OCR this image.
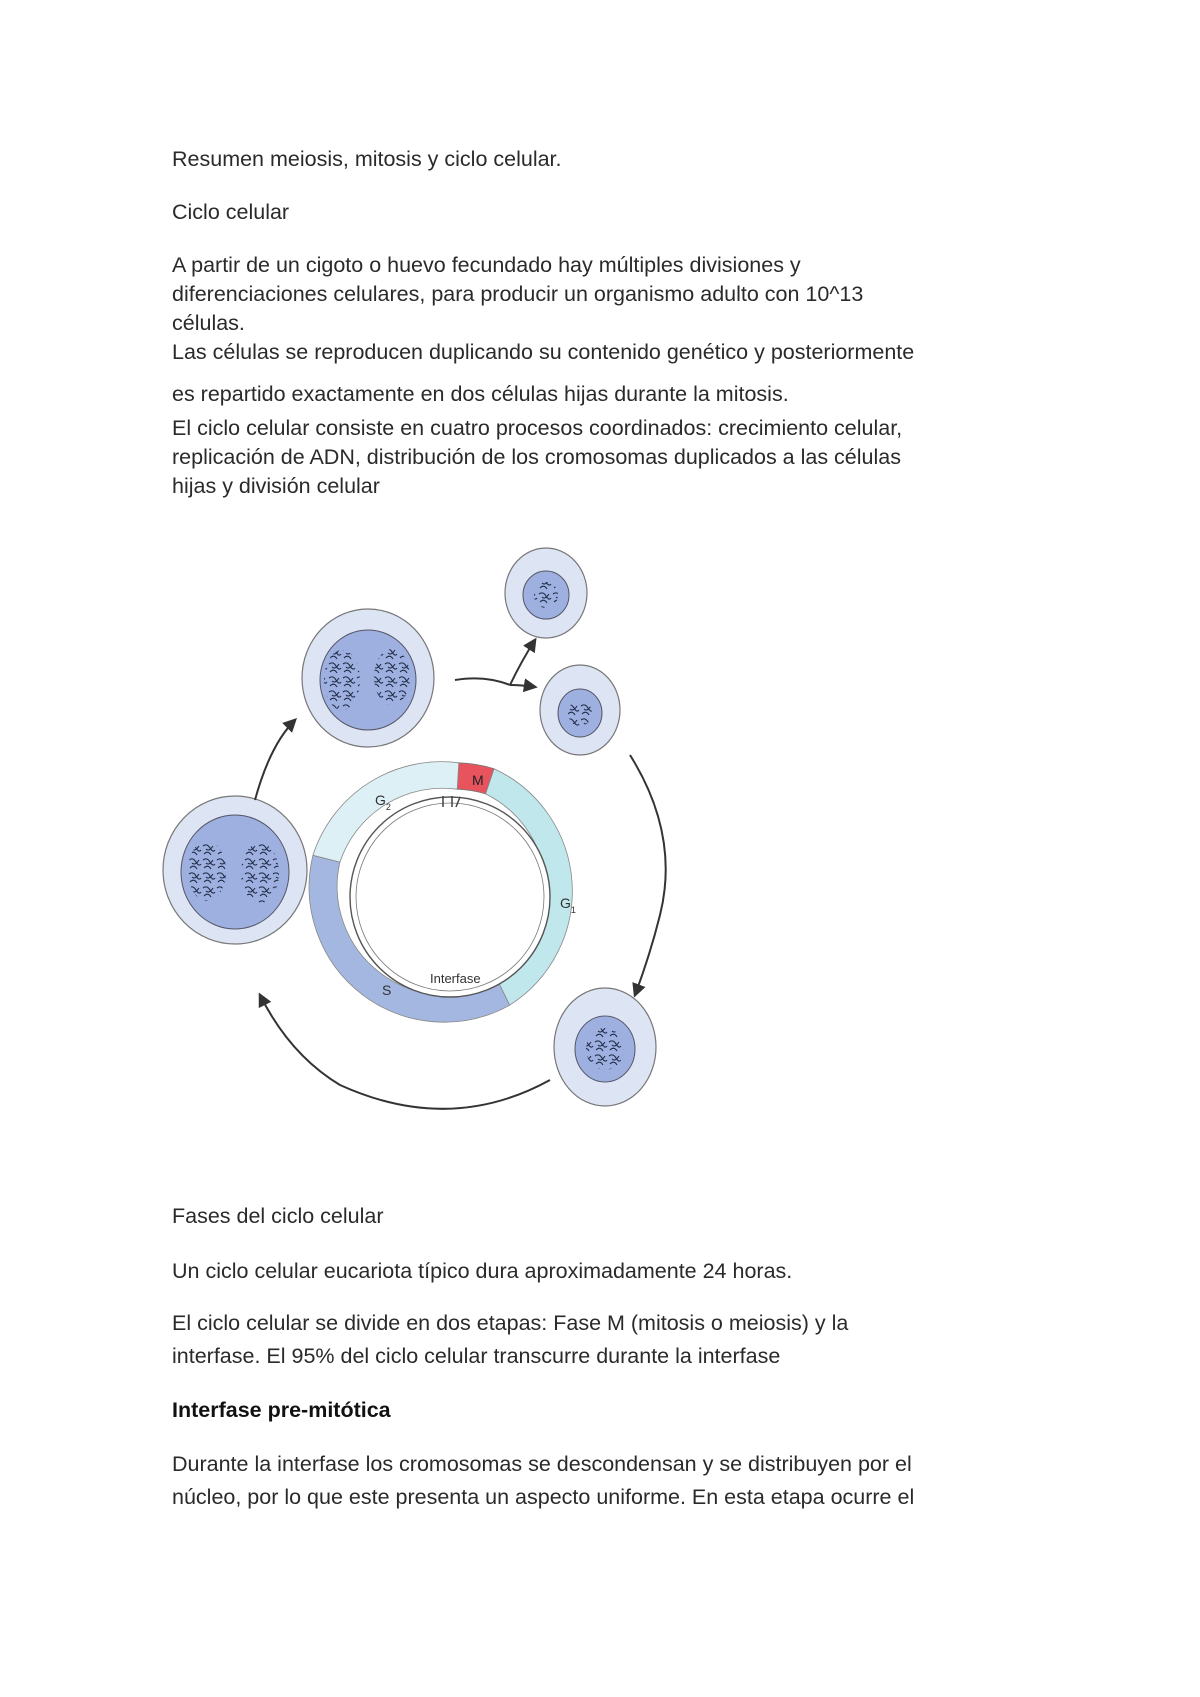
Resumen meiosis, mitosis y ciclo celular.

Ciclo celular

A partir de un cigoto o huevo fecundado hay múltiples divisiones y

diferenciaciones celulares, para producir un organismo adulto con 10^13

células.

Las células se reproducen duplicando su contenido genético y posteriormente

es repartido exactamente en dos células hijas durante la mitosis.

El ciclo celular consiste en cuatro procesos coordinados: crecimiento celular,

replicación de ADN, distribución de los cromosomas duplicados a las células

hijas y división celular

M
$G_2$
$G_1$
S
Interfase

Fases del ciclo celular

Un ciclo celular eucariota típico dura aproximadamente 24 horas.

El ciclo celular se divide en dos etapas: Fase M (mitosis o meiosis) y la

interfase. El 95% del ciclo celular transcurre durante la interfase

Interfase pre-mitótica

Durante la interfase los cromosomas se descondensan y se distribuyen por el

núcleo, por lo que este presenta un aspecto uniforme. En esta etapa ocurre el
